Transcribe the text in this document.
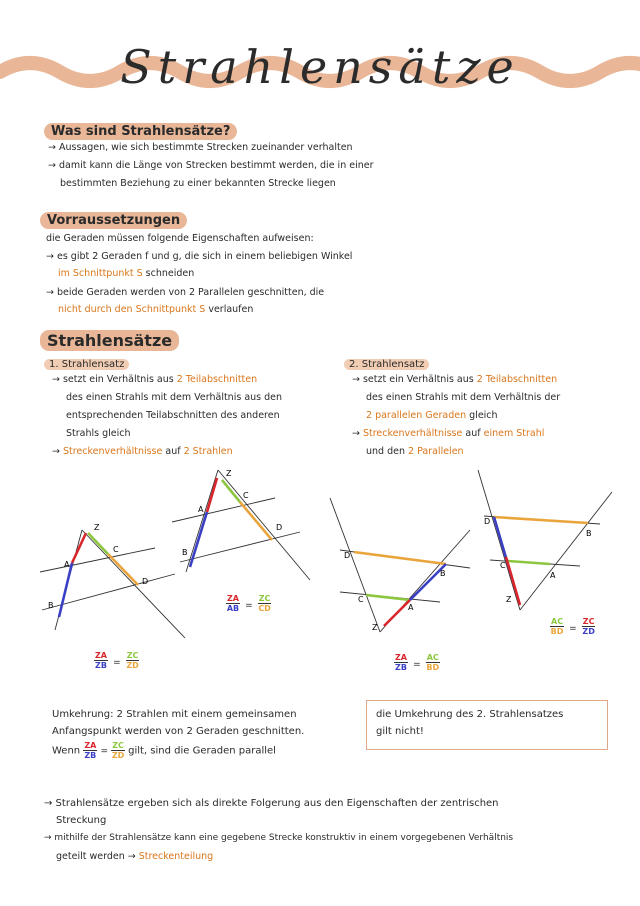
Strahlensätze
Was sind Strahlensätze?
→ Aussagen, wie sich bestimmte Strecken zueinander verhalten
→ damit kann die Länge von Strecken bestimmt werden, die in einer
bestimmten Beziehung zu einer bekannten Strecke liegen
Vorraussetzungen
die Geraden müssen folgende Eigenschaften aufweisen:
→ es gibt 2 Geraden f und g, die sich in einem beliebigen Winkel
im Schnittpunkt S schneiden
→ beide Geraden werden von 2 Parallelen geschnitten, die
nicht durch den Schnittpunkt S verlaufen
Strahlensätze
1. Strahlensatz
→ setzt ein Verhältnis aus 2 Teilabschnitten
des einen Strahls mit dem Verhältnis aus den
entsprechenden Teilabschnitten des anderen
Strahls gleich
→ Streckenverhältnisse auf 2 Strahlen
2. Strahlensatz
→ setzt ein Verhältnis aus 2 Teilabschnitten
des einen Strahls mit dem Verhältnis der
2 parallelen Geraden gleich
→ Streckenverhältnisse auf einem Strahl
und den 2 Parallelen
Z
A
B
C
D
Z
A
B
C
D
Z
A
B
C
D
Z
A
B
C
D
$\frac{ZA}{ZB} = \frac{ZC}{ZD}$
$\frac{ZA}{AB} = \frac{ZC}{CD}$
$\frac{ZA}{ZB} = \frac{AC}{BD}$
$\frac{AC}{BD} = \frac{ZC}{ZD}$
Umkehrung: 2 Strahlen mit einem gemeinsamen
Anfangspunkt werden von 2 Geraden geschnitten.
Wenn $\frac{ZA}{ZB} = \frac{ZC}{ZD}$ gilt, sind die Geraden parallel
die Umkehrung des 2. Strahlensatzes
gilt nicht!
→ Strahlensätze ergeben sich als direkte Folgerung aus den Eigenschaften der zentrischen
Streckung
→ mithilfe der Strahlensätze kann eine gegebene Strecke konstruktiv in einem vorgegebenen Verhältnis
geteilt werden → Streckenteilung
